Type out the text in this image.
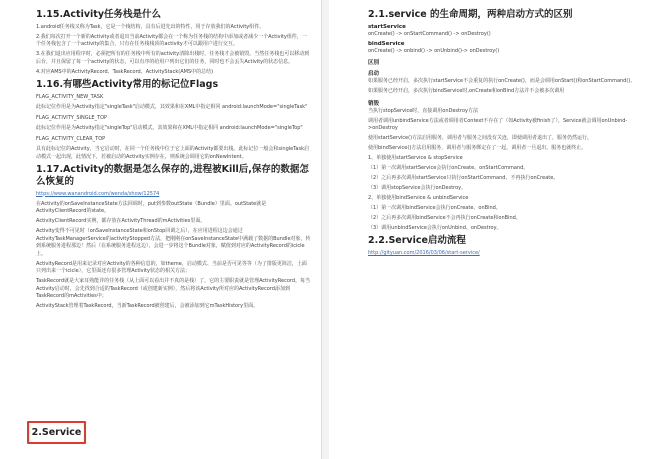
1.15.Activity任务栈是什么

1.android任务栈又称为Task，它是一个栈结构，具有后进先出的特性，用于存放我们的Activity组件。

2.我们每次打开一个新的Activity或者退出当前Activity都会在一个称为任务栈的结构中添加或者减少一个Activity组件，一个任务栈包含了一个activity的集合，只有在任务栈栈顶的activity才可以跟用户进行交互。

3.在我们退出应用程序时，必须把所有的任务栈中所有的activity清除出栈时，任务栈才会被销毁。当然任务栈也可以移动到后台，并且保留了每一个activity的状态，可以有序的给用户列出它们的任务，同时也不会丢失Activity的状态信息。

4.对应AMS中的ActivityRecord、TaskRecord、ActivityStack(AMS中的总结)

1.16.有哪些Activity常用的标记位Flags

FLAG_ACTIVITY_NEW_TASK

此标记位作用是为Activity指定"singleTask"启动模式，其效果和在XML中指定相同 android:launchMode="singleTask"

FLAG_ACTIVITY_SINGLE_TOP

此标记位作用是为Activity指定"singleTop"启动模式，其效果和在XML中指定相同 android:launchMode="singleTop"

FLAG_ACTIVITY_CLEAR_TOP

具有此标记位的Activity，当它启动时，在同一个任务栈中位于它上面的Activity都要出栈。此标记位一般会和singleTask启动模式一起出现，此情况下，若被启动的Activity实例存在，则系统会调用它的onNewIntent。

1.17.Activity的数据是怎么保存的,进程被Kill后,保存的数据怎么恢复的

https://www.wanandroid.com/wenda/show/12574

在Activity的onSaveInstanceState方法回调时，put到参数outState（Bundle）里面。outState就是ActivityClientRecord的state。

ActivityClientRecord实例，都存放在ActivityThread的mActivities里面。

Activity变得不可见时（onSaveInstanceState和onStop回调之后），在应用进程这边会通过ActivityTaskManagerService的activityStopped方法，把刚刚在onSaveInstanceState中满载了数据的Bundle对象，传到系统服务进程那边！然后（在系统服务进程这边），会进一步将这个Bundle对象，赋值到对应的ActivityRecord的icicle上。

ActivityRecord是用来记录对应Activity的各种信息的，如theme，启动模式、当前是否可见等等（为了排版更简洁，上面只列出来一个icicle），它里面还有很多管理Activity状态的相关方法；

TaskRecord就是大家耳熟能详的任务栈（从上面可以看出并不真的是栈）了，它的主要职责就是管理ActivityRecord。每当Activity启动时，会先找到合适的TaskRecord（或创建新实例），然后将该Activity所对应的ActivityRecord添加到TaskRecord的mActivities中；

ActivityStack管理着TaskRecord，当新TaskRecord被创建后，会被添加到它mTaskHistory里面。

2.Service
2.1.service 的生命周期，两种启动方式的区别
startService

onCreate() -> onStartCommand() -> onDestroy()

bindService

onCreate() -> onbind() -> onUnbind()-> onDestroy()

区别
启动

如果服务已经开启，多次执行startService不会重复的执行onCreate()，而是会调用onStart()和onStartCommand()。

如果服务已经开启，多次执行bindService时,onCreate和onBind方法并不会被多次调用

销毁

当执行stopService时，直接调用onDestroy方法

调用者调用unbindService方法或者调用者Context不存在了（如Activity被finish了），Service就会调用onUnbind->onDestroy

使用startService()方法启用服务，调用者与服务之间没有关连，即使调用者退出了，服务仍然运行。

使用bindService()方法启用服务，调用者与服务绑定在了一起，调用者一旦退出，服务也就终止。

1、单独使用startService & stopService

（1）第一次调用startService会执行onCreate、onStartCommand。

（2）之后再多次调用startService只执行onStartCommand，不再执行onCreate。

（3）调用stopService会执行onDestroy。

2、单独使用bindService & unbindService

（1）第一次调用bindService会执行onCreate、onBind。

（2）之后再多次调用bindService不会再执行onCreate和onBind。

（3）调用unbindService会执行onUnbind、onDestroy。

2.2.Service启动流程

http://gityuan.com/2016/03/06/start-service/
